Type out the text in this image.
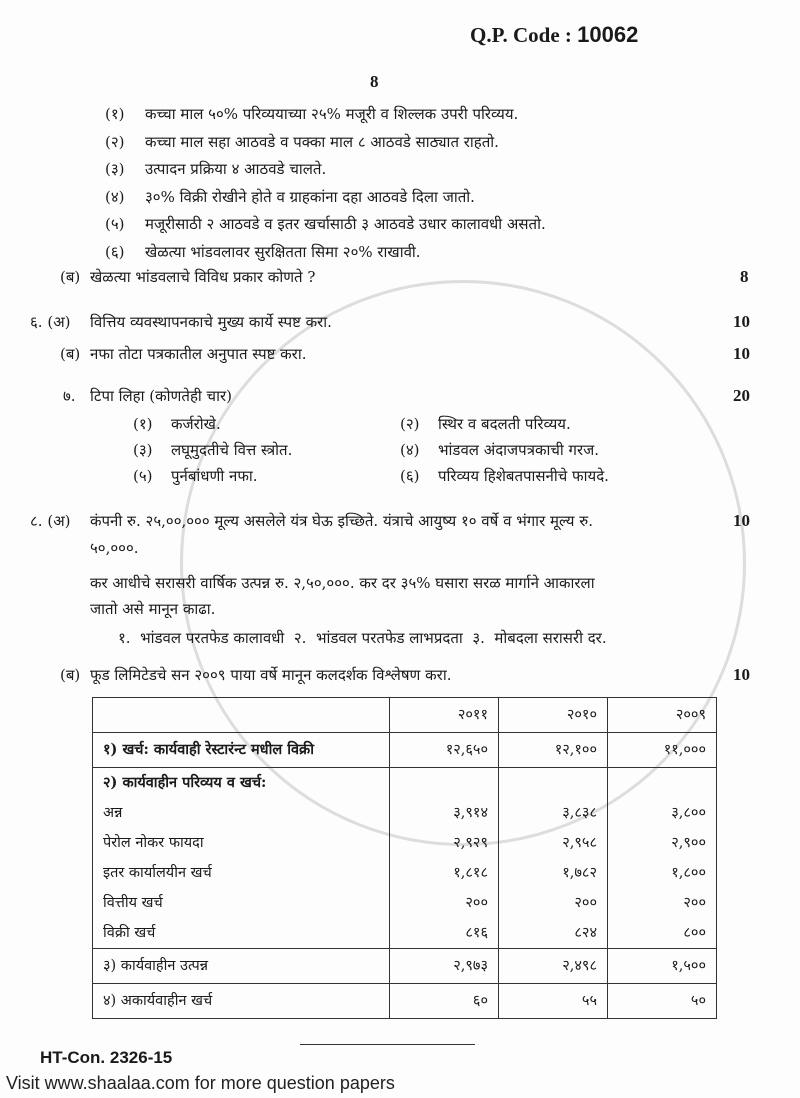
Q.P. Code : 10062
8
(१) कच्चा माल ५०% परिव्ययाच्या २५% मजूरी व शिल्लक उपरी परिव्यय.
(२) कच्चा माल सहा आठवडे व पक्का माल ८ आठवडे साठ्यात राहतो.
(३) उत्पादन प्रक्रिया ४ आठवडे चालते.
(४) ३०% विक्री रोखीने होते व ग्राहकांना दहा आठवडे दिला जातो.
(५) मजूरीसाठी २ आठवडे व इतर खर्चासाठी ३ आठवडे उधार कालावधी असतो.
(६) खेळत्या भांडवलावर सुरक्षितता सिमा २०% राखावी.
(ब) खेळत्या भांडवलाचे विविध प्रकार कोणते ?	8
६. (अ) वित्तिय व्यवस्थापनकाचे मुख्य कार्ये स्पष्ट करा.	10
(ब) नफा तोटा पत्रकातील अनुपात स्पष्ट करा.	10
७. टिपा लिहा (कोणतेही चार)	20
(१) कर्जरोखे.	(२) स्थिर व बदलती परिव्यय.
(३) लघूमुदतीचे वित्त स्त्रोत.	(४) भांडवल अंदाजपत्रकाची गरज.
(५) पुर्नबांधणी नफा.	(६) परिव्यय हिशेबतपासनीचे फायदे.
८. (अ) कंपनी रु. २५,००,००० मूल्य असलेले यंत्र घेऊ इच्छिते. यंत्राचे आयुष्य १० वर्षे व भंगार मूल्य रु.	10
५०,०००.
कर आधीचे सरासरी वार्षिक उत्पन्न रु. २,५०,०००. कर दर ३५% घसारा सरळ मार्गाने आकारला
जातो असे मानून काढा.
१.  भांडवल परतफेड कालावधी  २.  भांडवल परतफेड लाभप्रदता  ३.  मोबदला सरासरी दर.
(ब) फूड लिमिटेडचे सन २००९ पाया वर्षे मानून कलदर्शक विश्लेषण करा.	10
	२०११	२०१०	२००९
१) खर्च: कार्यवाही रेस्टारंन्ट मधील विक्री	१२,६५०	१२,१००	११,०००
२) कार्यवाहीन परिव्यय व खर्च:			
अन्न	३,९१४	३,८३८	३,८००
पेरोल नोकर फायदा	२,९२९	२,९५८	२,९००
इतर कार्यालयीन खर्च	१,८१८	१,७८२	१,८००
वित्तीय खर्च	२००	२००	२००
विक्री खर्च	८१६	८२४	८००
३) कार्यवाहीन उत्पन्न	२,९७३	२,४९८	१,५००
४) अकार्यवाहीन खर्च	६०	५५	५०
HT-Con. 2326-15
Visit www.shaalaa.com for more question papers
